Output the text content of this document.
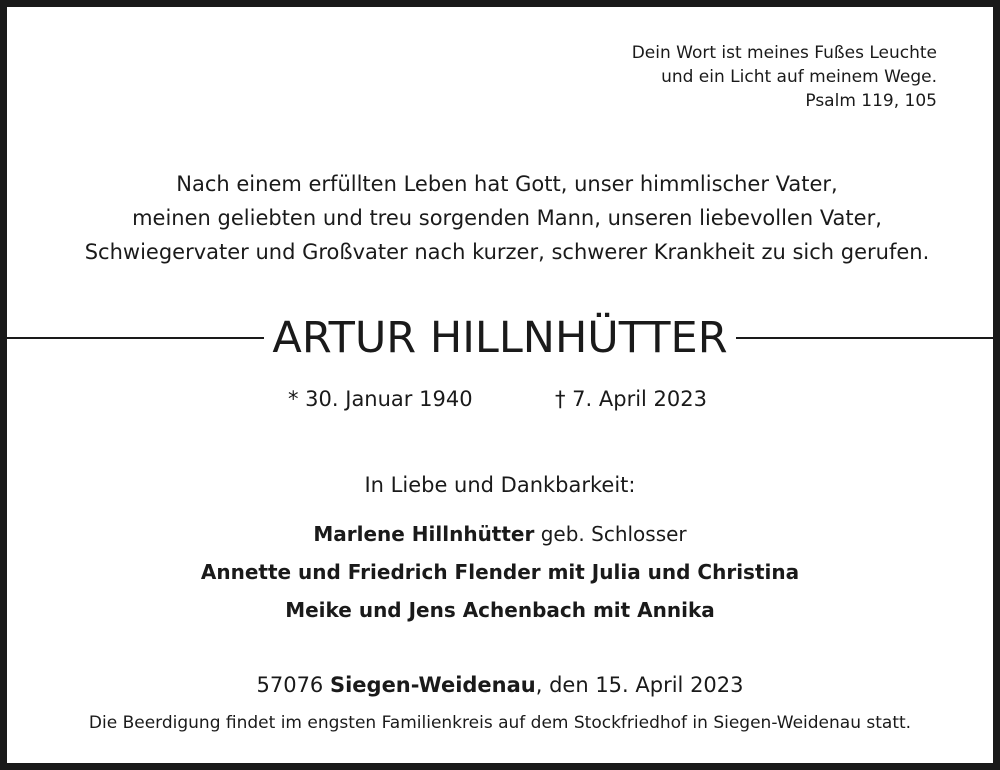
Dein Wort ist meines Fußes Leuchte
und ein Licht auf meinem Wege.
Psalm 119, 105
Nach einem erfüllten Leben hat Gott, unser himmlischer Vater,
meinen geliebten und treu sorgenden Mann, unseren liebevollen Vater,
Schwiegervater und Großvater nach kurzer, schwerer Krankheit zu sich gerufen.
ARTUR HILLNHÜTTER
* 30. Januar 1940	† 7. April 2023
In Liebe und Dankbarkeit:
Marlene Hillnhütter geb. Schlosser
Annette und Friedrich Flender mit Julia und Christina
Meike und Jens Achenbach mit Annika
57076 Siegen-Weidenau, den 15. April 2023
Die Beerdigung findet im engsten Familienkreis auf dem Stockfriedhof in Siegen-Weidenau statt.
